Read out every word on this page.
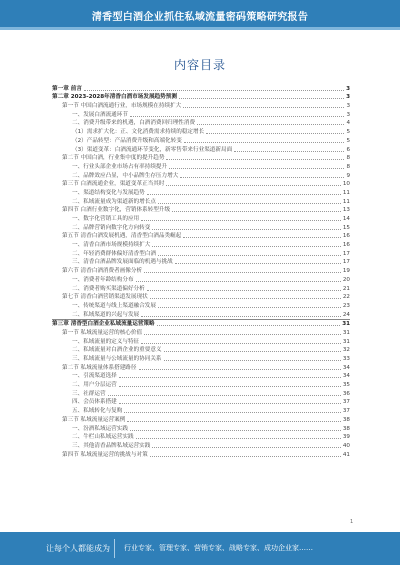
清香型白酒企业抓住私域流量密码策略研究报告
内容目录
第一章 前言	3
第二章 2023-2028年清香白酒市场发展趋势预测	3
第一节 中国白酒流通行业，市场规模在持续扩大	3
一、发展白酒流通环节	3
二、消费升级带来的机遇，白酒消费回归理性消费	4
（1）需求扩大化：正、文化消费需求持续的稳定增长	5
（2）产品转型：产品消费升级和高端化转变	5
（3）渠道变革：白酒流通环节变化，新零售带来行业渠道新局面	6
第二节 中国白酒，行业集中度的提升趋势	8
一、行业头部企业市场占有率持续提升	8
二、品牌效应凸显，中小品牌生存压力增大	9
第三节 白酒流通企业，渠道变革正当其时	10
一、渠道结构变化与发展趋势	11
二、私域流量成为渠道新的增长点	11
第四节 白酒行业数字化，营销体系转型升级	13
一、数字化营销工具的应用	14
二、品牌营销向数字化方向转变	15
第五节 清香白酒发展机遇，清香型白酒品类崛起	16
一、清香白酒市场规模持续扩大	16
二、年轻消费群体偏好清香型白酒	17
三、清香白酒品牌发展面临的机遇与挑战	17
第六节 清香白酒消费者画像分析	19
一、消费者年龄结构分布	20
二、消费者购买渠道偏好分析	21
第七节 清香白酒营销渠道发展现状	22
一、传统渠道与线上渠道融合发展	23
二、私域渠道的兴起与发展	24
第三章 清香型白酒企业私域流量运营策略	31
第一节 私域流量运营的核心价值	31
一、私域流量的定义与特征	31
二、私域流量对白酒企业的重要意义	32
三、私域流量与公域流量的协同关系	33
第二节 私域流量体系搭建路径	34
一、引流渠道选择	34
二、用户分层运营	35
三、社群运营	36
四、会员体系搭建	37
五、私域转化与复购	37
第三节 私域流量运营案例	38
一、汾酒私域运营实践	38
二、牛栏山私域运营实践	39
三、其他清香品牌私域运营实践	40
第四节 私域流量运营的挑战与对策	41
1
让每个人都能成为 行业专家、管理专家、营销专家、战略专家、成功企业家……
